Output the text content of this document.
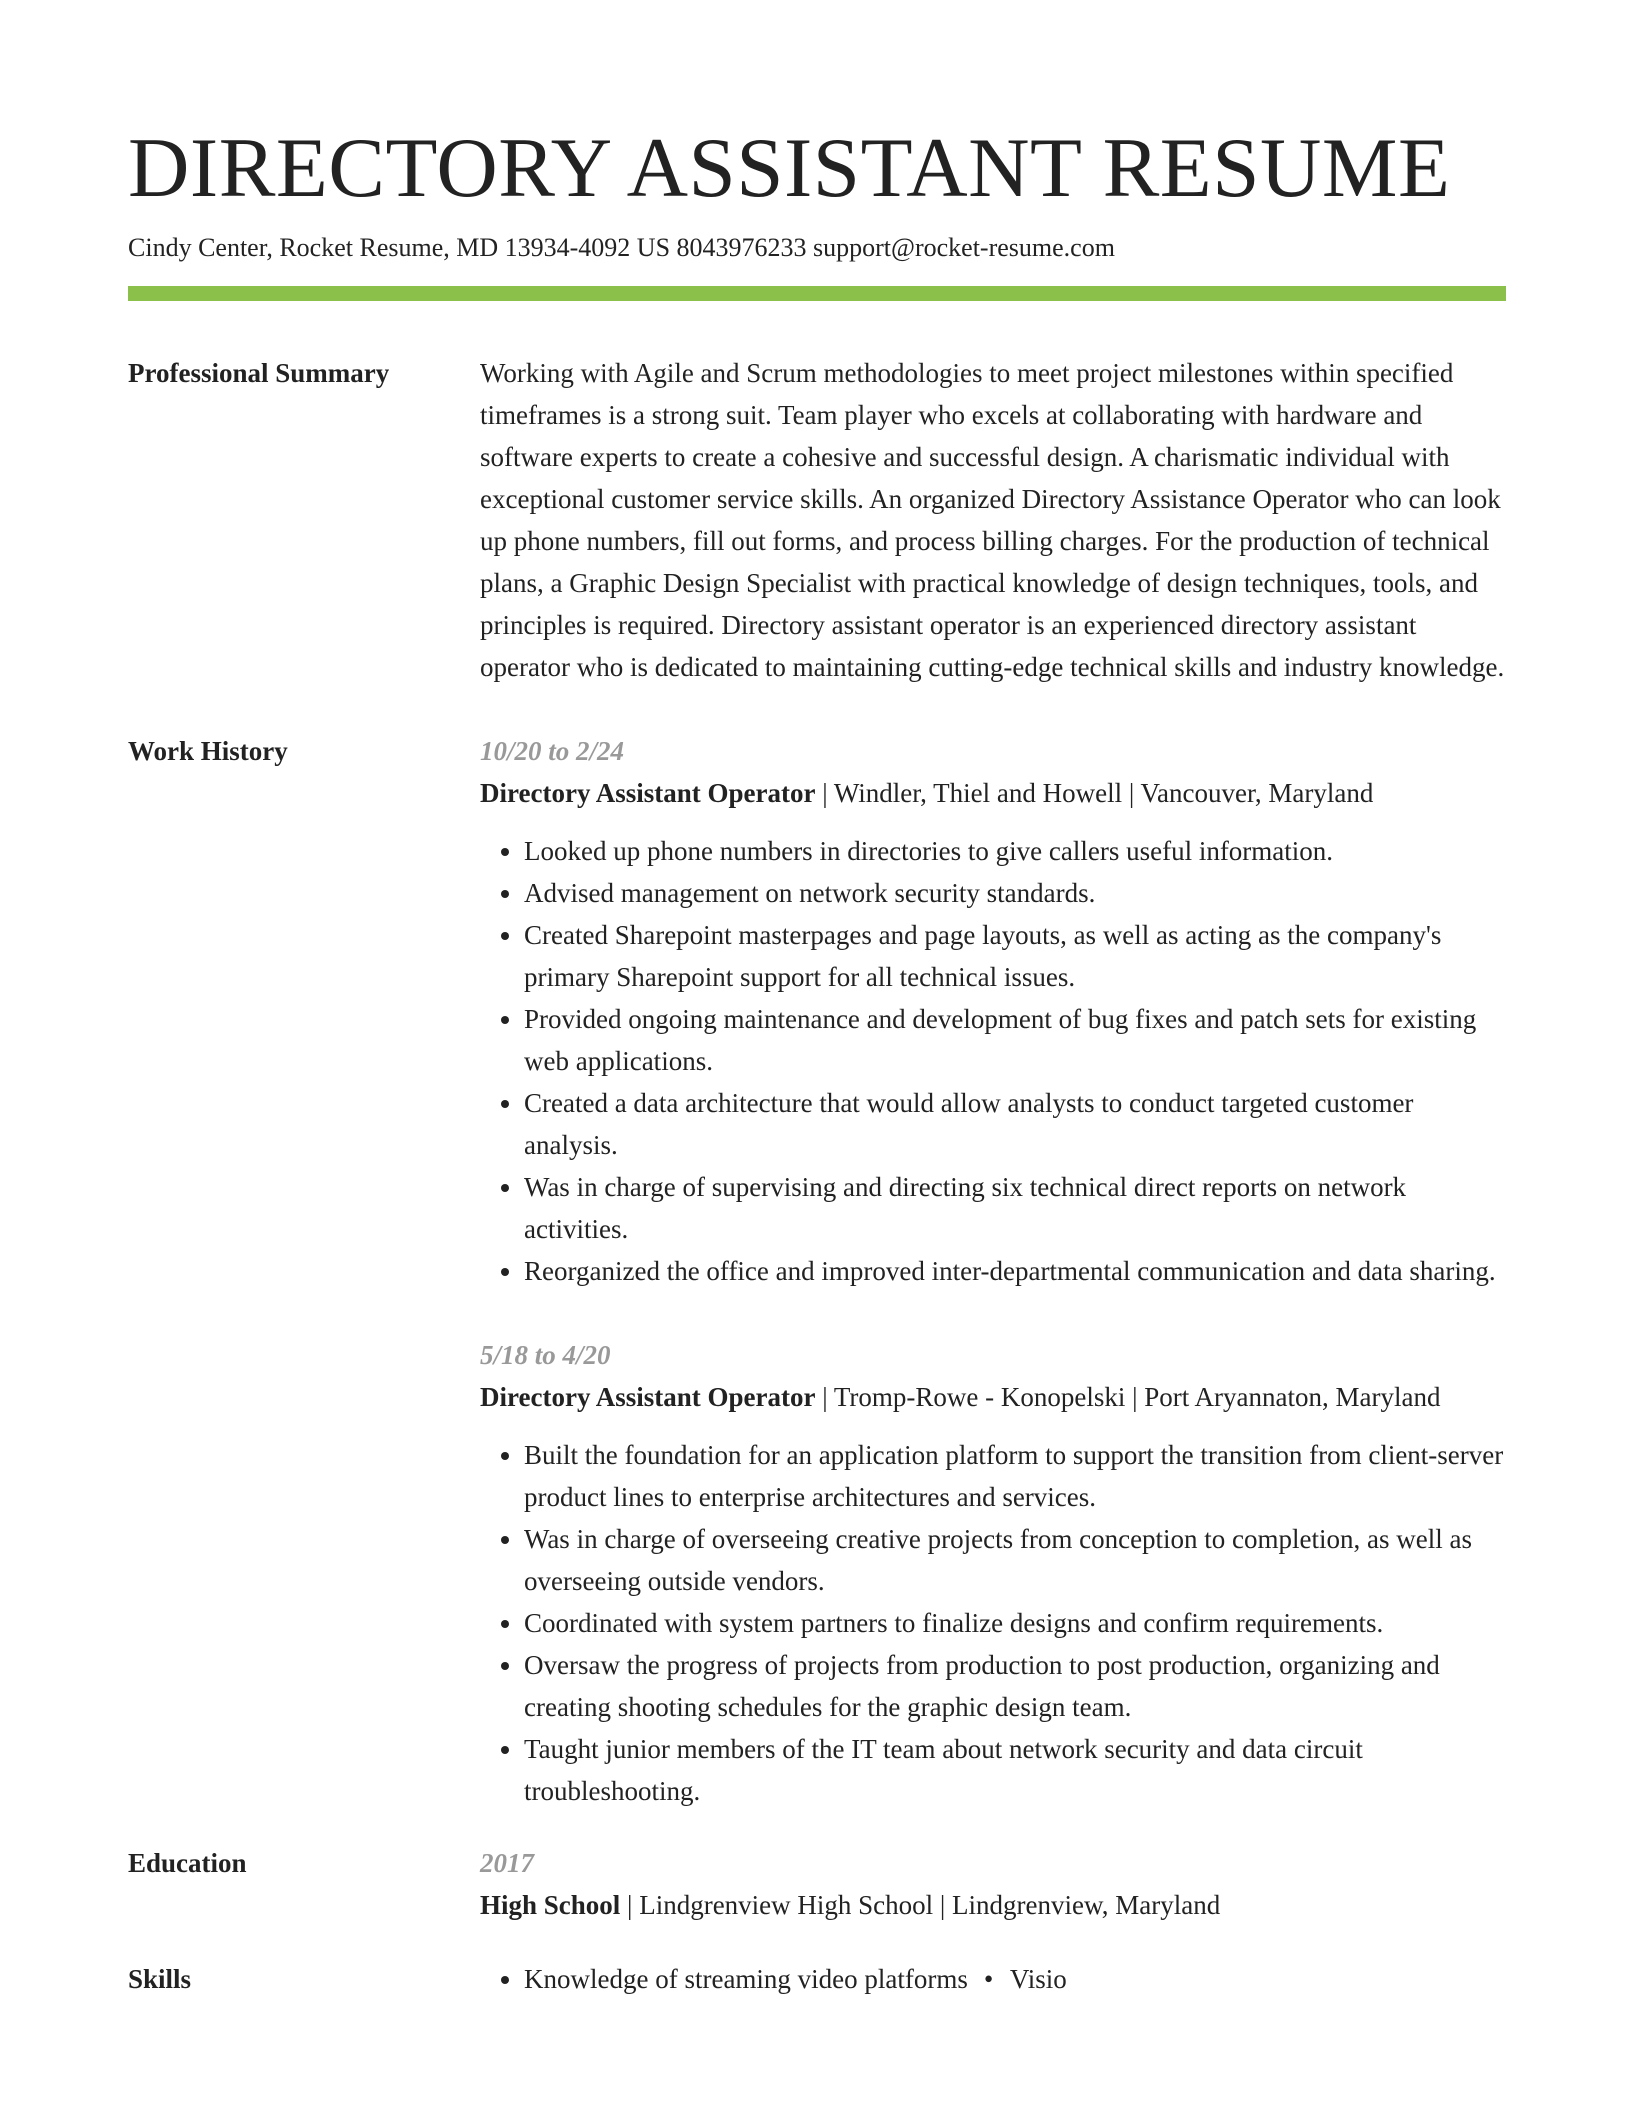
DIRECTORY ASSISTANT RESUME
Cindy Center, Rocket Resume, MD 13934-4092 US 8043976233 support@rocket-resume.com
Professional Summary	Working with Agile and Scrum methodologies to meet project milestones within specified timeframes is a strong suit. Team player who excels at collaborating with hardware and software experts to create a cohesive and successful design. A charismatic individual with exceptional customer service skills. An organized Directory Assistance Operator who can look up phone numbers, fill out forms, and process billing charges. For the production of technical plans, a Graphic Design Specialist with practical knowledge of design techniques, tools, and principles is required. Directory assistant operator is an experienced directory assistant operator who is dedicated to maintaining cutting-edge technical skills and industry knowledge.

Work History	10/20 to 2/24
Directory Assistant Operator | Windler, Thiel and Howell | Vancouver, Maryland
• Looked up phone numbers in directories to give callers useful information.
• Advised management on network security standards.
• Created Sharepoint masterpages and page layouts, as well as acting as the company's primary Sharepoint support for all technical issues.
• Provided ongoing maintenance and development of bug fixes and patch sets for existing web applications.
• Created a data architecture that would allow analysts to conduct targeted customer analysis.
• Was in charge of supervising and directing six technical direct reports on network activities.
• Reorganized the office and improved inter-departmental communication and data sharing.
5/18 to 4/20
Directory Assistant Operator | Tromp-Rowe - Konopelski | Port Aryannaton, Maryland
• Built the foundation for an application platform to support the transition from client-server product lines to enterprise architectures and services.
• Was in charge of overseeing creative projects from conception to completion, as well as overseeing outside vendors.
• Coordinated with system partners to finalize designs and confirm requirements.
• Oversaw the progress of projects from production to post production, organizing and creating shooting schedules for the graphic design team.
• Taught junior members of the IT team about network security and data circuit troubleshooting.
Education	2017
High School | Lindgrenview High School | Lindgrenview, Maryland
Skills
•	Knowledge of streaming video platforms • Visio
